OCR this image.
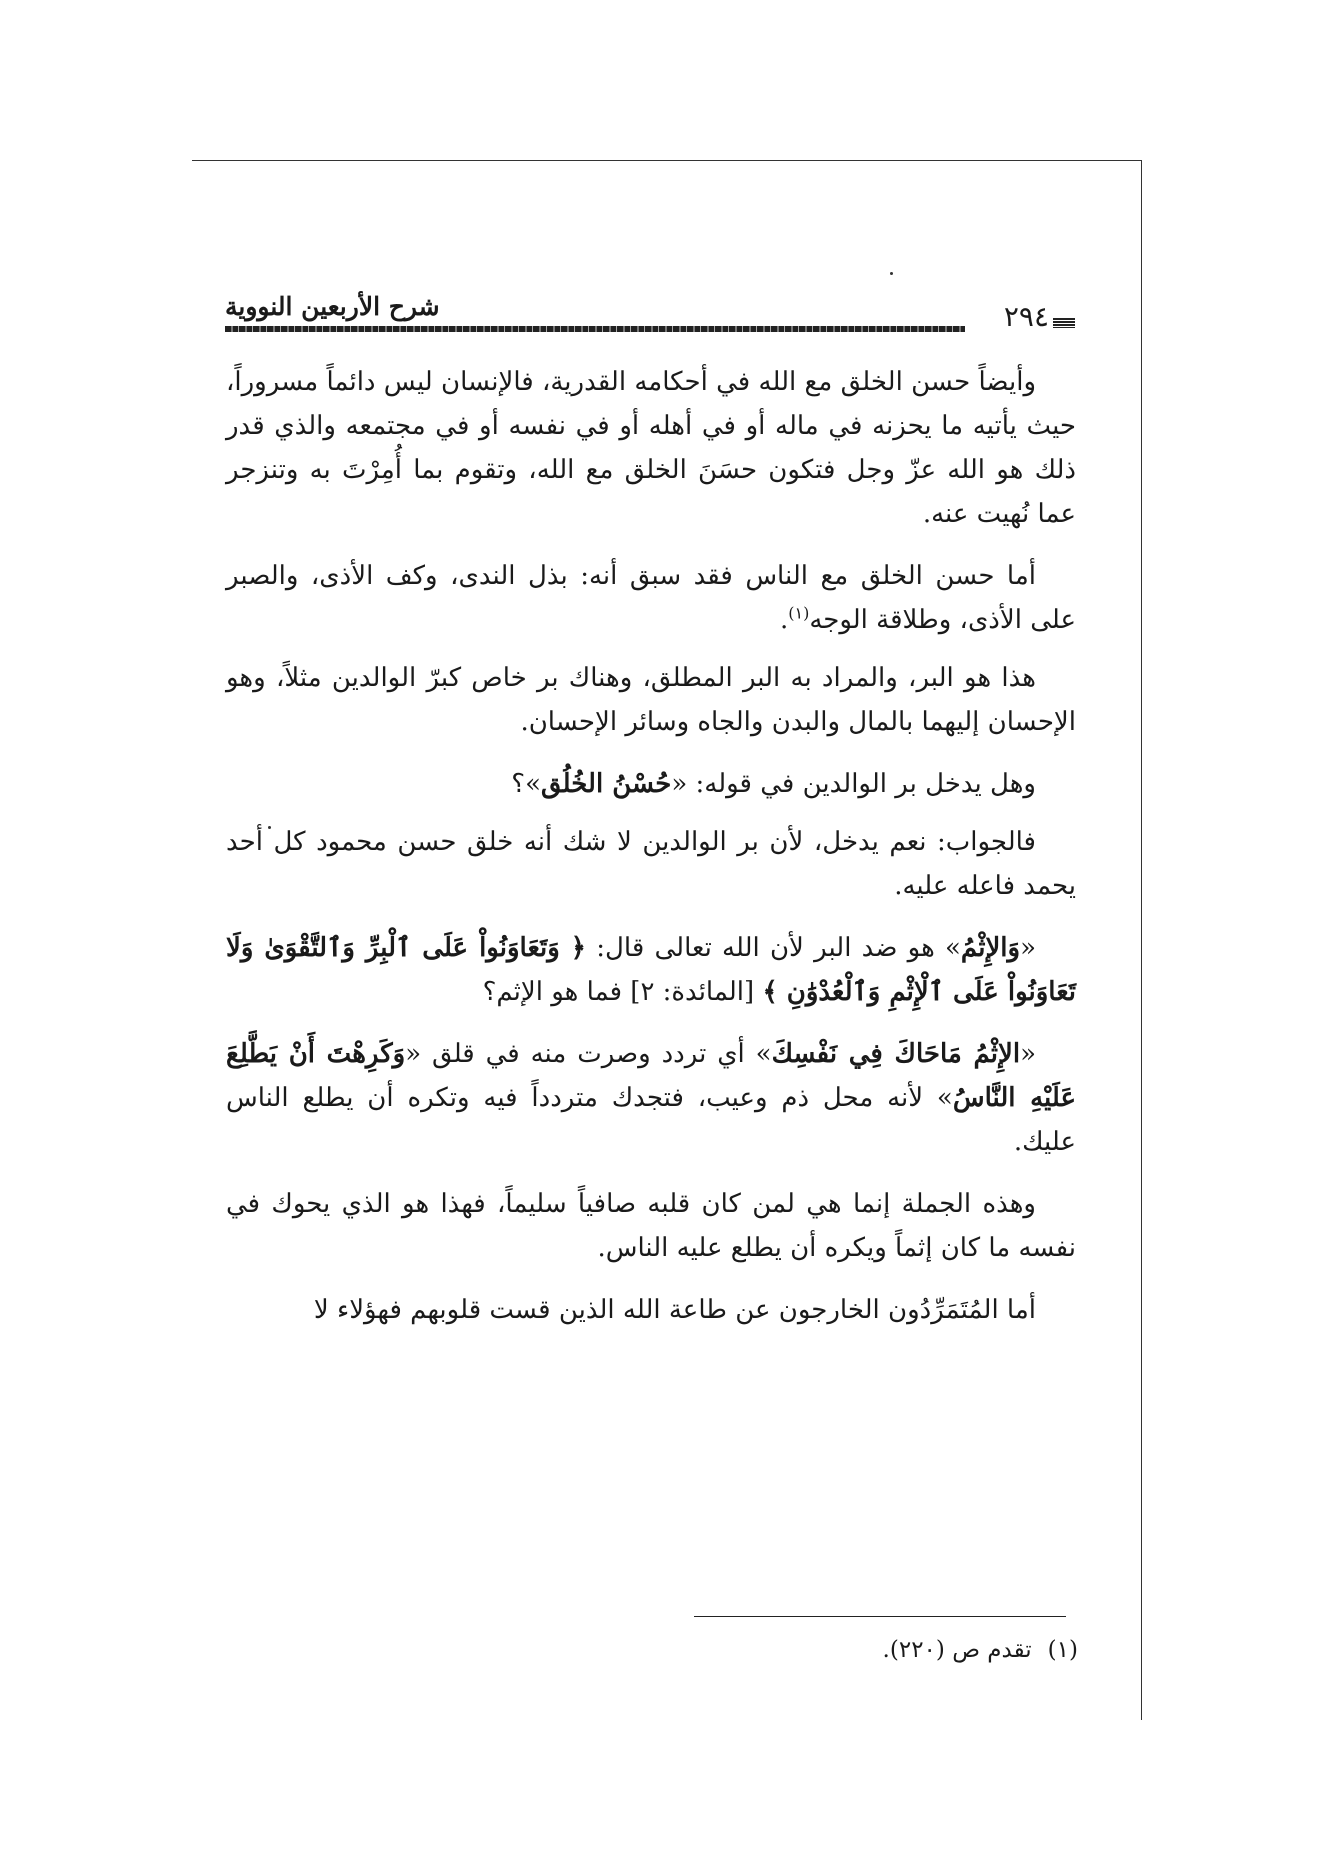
شرح الأربعين النووية	٢٩٤

وأيضاً حسن الخلق مع الله في أحكامه القدرية، فالإنسان ليس دائماً مسروراً، حيث يأتيه ما يحزنه في ماله أو في أهله أو في نفسه أو في مجتمعه والذي قدر ذلك هو الله عزّ وجل فتكون حسَنَ الخلق مع الله، وتقوم بما أُمِرْتَ به وتنزجر عما نُهيت عنه.

أما حسن الخلق مع الناس فقد سبق أنه: بذل الندى، وكف الأذى، والصبر على الأذى، وطلاقة الوجه$^{(١)}$.

هذا هو البر، والمراد به البر المطلق، وهناك بر خاص كبرّ الوالدين مثلاً، وهو الإحسان إليهما بالمال والبدن والجاه وسائر الإحسان.

وهل يدخل بر الوالدين في قوله: «حُسْنُ الخُلُق»؟

فالجواب: نعم يدخل، لأن بر الوالدين لا شك أنه خلق حسن محمود كل أحد يحمد فاعله عليه.

«وَالإِثْمُ» هو ضد البر لأن الله تعالى قال: ﴿ وَتَعَاوَنُواْ عَلَى ٱلْبِرِّ وَٱلتَّقْوَىٰ وَلَا تَعَاوَنُواْ عَلَى ٱلْإِثْمِ وَٱلْعُدْوَٰنِ ﴾ [المائدة: ٢] فما هو الإثم؟

«الإِثْمُ مَاحَاكَ فِي نَفْسِكَ» أي تردد وصرت منه في قلق «وَكَرِهْتَ أَنْ يَطَّلِعَ عَلَيْهِ النَّاسُ» لأنه محل ذم وعيب، فتجدك متردداً فيه وتكره أن يطلع الناس عليك.

وهذه الجملة إنما هي لمن كان قلبه صافياً سليماً، فهذا هو الذي يحوك في نفسه ما كان إثماً ويكره أن يطلع عليه الناس.

أما المُتَمَرِّدُون الخارجون عن طاعة الله الذين قست قلوبهم فهؤلاء لا

(١)تقدم ص (٢٢٠).
